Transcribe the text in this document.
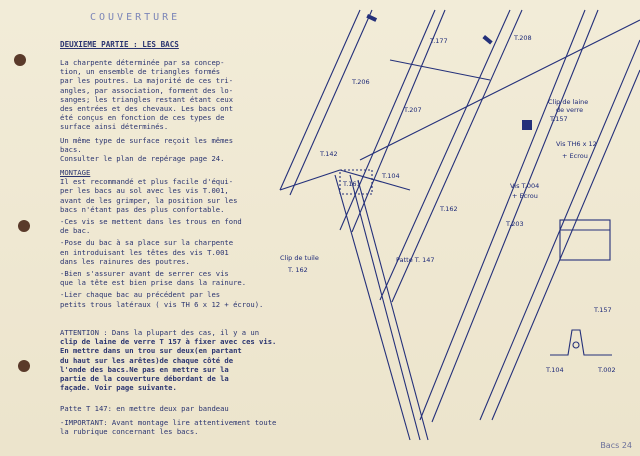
COUVERTURE
DEUXIEME PARTIE : LES BACS
La charpente déterminée par sa concep-
tion, un ensemble de triangles formés
par les poutres. La majorité de ces tri-
angles, par association, forment des lo-
sanges; les triangles restant étant ceux
des entrées et des chevaux. Les bacs ont
été conçus en fonction de ces types de
surface ainsi déterminés.
Un même type de surface reçoit les mêmes
bacs.
Consulter le plan de repérage page 24.
MONTAGE
Il est recommandé et plus facile d'équi-
per les bacs au sol avec les vis T.001,
avant de les grimper, la position sur les
bacs n'étant pas des plus confortable.
-Ces vis se mettent dans les trous en fond
de bac.
-Pose du bac à sa place sur la charpente
en introduisant les têtes des vis T.001
dans les rainures des poutres.
-Bien s'assurer avant de serrer ces vis
que la tête est bien prise dans la rainure.
-Lier chaque bac au précédent par les
petits trous latéraux ( vis TH 6 x 12 + écrou).
ATTENTION : Dans la plupart des cas, il y a un
clip de laine de verre T 157 à fixer avec ces vis.
En mettre dans un trou sur deux(en partant
du haut sur les arêtes)de chaque côté de
l'onde des bacs.Ne pas en mettre sur la
partie de la couverture débordant de la
façade. Voir page suivante.
Patte T 147: en mettre deux par bandeau
-IMPORTANT: Avant montage lire attentivement toute
la rubrique concernant les bacs.
T.177	T.208
T.206
T.207
T.142
T.161
T.104
T.162
Clip de laine
de verre
T.157
Vis TH6 x 12
+ Ecrou
Vis T.004
+ Ecrou
T.203
Clip de tuile
T. 162
Patte T. 147
T.157
T.104	T.002
Bacs 24
